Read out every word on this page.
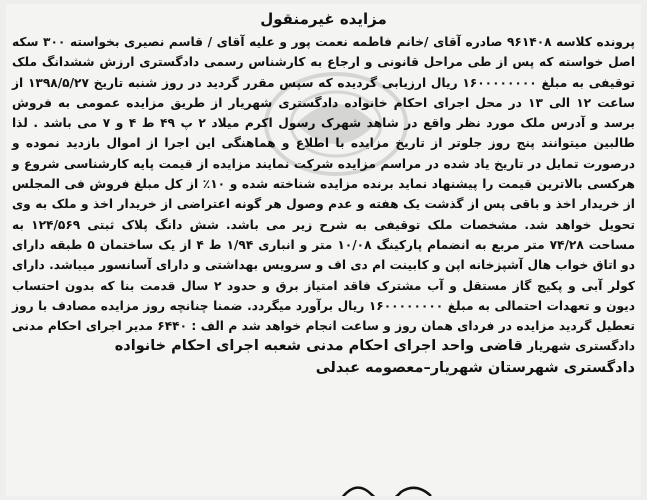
مزایده غیرمنقول

پرونده کلاسه ۹۶۱۴۰۸ صادره آقای /خانم فاطمه نعمت پور و علیه آقای / قاسم نصیری بخواسته ۳۰۰ سکه اصل خواسته که پس از طی مراحل قانونی و ارجاع به کارشناس رسمی دادگستری ارزش ششدانگ ملک توقیفی به مبلغ ۱۶۰۰۰۰۰۰۰۰ ریال ارزیابی گردیده که سپس مقرر گردید در روز شنبه تاریخ ۱۳۹۸/۵/۲۷ از ساعت ۱۲ الی ۱۳ در محل اجرای احکام خانواده دادگستری شهریار از طریق مزایده عمومی به فروش برسد و آدرس ملک مورد نظر واقع در شاهد شهرک رسول اکرم میلاد ۲ پ ۴۹ ط ۴ و ۷ می باشد . لذا طالبین میتوانند پنج روز جلوتر از تاریخ مزایده با اطلاع و هماهنگی این اجرا از اموال بازدید نموده و درصورت تمایل در تاریخ یاد شده در مراسم مزایده شرکت نمایند مزایده از قیمت پایه کارشناسی شروع و هرکسی بالاترین قیمت را پیشنهاد نماید برنده مزایده شناخته شده و ۱۰٪ از کل مبلغ فروش فی المجلس از خریدار اخذ و باقی پس از گذشت یک هفته و عدم وصول هر گونه اعتراضی از خریدار اخذ و ملک به وی تحویل خواهد شد. مشخصات ملک توقیفی به شرح زیر می باشد. شش دانگ پلاک ثبتی ۱۲۴/۵۶۹ به مساحت ۷۴/۲۸ متر مربع به انضمام پارکینگ ۱۰/۰۸ متر و انباری ۱/۹۴ ط ۴ از یک ساختمان ۵ طبقه دارای دو اتاق خواب هال آشپزخانه اپن و کابینت ام دی اف و سرویس بهداشتی و دارای آسانسور میباشد. دارای کولر آبی و پکیج گاز مستقل و آب مشترک فاقد امتیاز برق و حدود ۲ سال قدمت بنا که بدون احتساب دیون و تعهدات احتمالی به مبلغ ۱۶۰۰۰۰۰۰۰۰ ریال برآورد میگردد. ضمنا چنانچه روز مزایده مصادف با روز تعطیل گردید مزایده در فردای همان روز و ساعت انجام خواهد شد م الف : ۶۴۴۰ مدیر اجرای احکام مدنی دادگستری شهریار قاضی واحد اجرای احکام مدنی شعبه اجرای احکام خانواده

دادگستری شهرستان شهریار–معصومه عبدلی
